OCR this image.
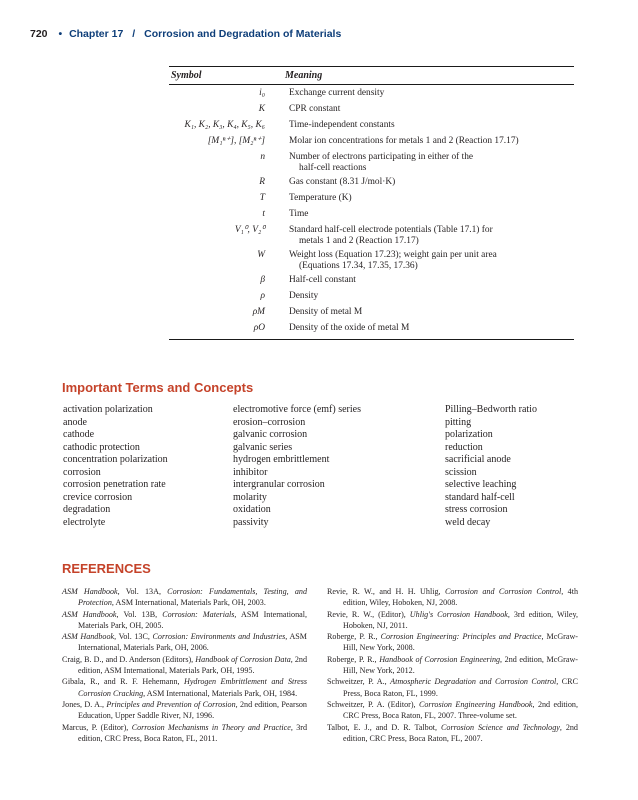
720 • Chapter 17 / Corrosion and Degradation of Materials
Symbol	Meaning
i₀	Exchange current density
K	CPR constant
K₁, K₂, K₃, K₄, K₅, K₆	Time-independent constants
[M₁ⁿ⁺], [M₂ⁿ⁺]	Molar ion concentrations for metals 1 and 2 (Reaction 17.17)
n	Number of electrons participating in either of the
half-cell reactions
R	Gas constant (8.31 J/mol·K)
T	Temperature (K)
t	Time
V₁⁰, V₂⁰	Standard half-cell electrode potentials (Table 17.1) for
metals 1 and 2 (Reaction 17.17)
W	Weight loss (Equation 17.23); weight gain per unit area
(Equations 17.34, 17.35, 17.36)
β	Half-cell constant
ρ	Density
ρM	Density of metal M
ρO	Density of the oxide of metal M
Important Terms and Concepts
activation polarization
anode
cathode
cathodic protection
concentration polarization
corrosion
corrosion penetration rate
crevice corrosion
degradation
electrolyte
electromotive force (emf) series
erosion–corrosion
galvanic corrosion
galvanic series
hydrogen embrittlement
inhibitor
intergranular corrosion
molarity
oxidation
passivity
Pilling–Bedworth ratio
pitting
polarization
reduction
sacrificial anode
scission
selective leaching
standard half-cell
stress corrosion
weld decay
REFERENCES
ASM Handbook, Vol. 13A, Corrosion: Fundamentals, Testing, and Protection, ASM International, Materials Park, OH, 2003.
ASM Handbook, Vol. 13B, Corrosion: Materials, ASM International, Materials Park, OH, 2005.
ASM Handbook, Vol. 13C, Corrosion: Environments and Industries, ASM International, Materials Park, OH, 2006.
Craig, B. D., and D. Anderson (Editors), Handbook of Corrosion Data, 2nd edition, ASM International, Materials Park, OH, 1995.
Gibala, R., and R. F. Hehemann, Hydrogen Embrittlement and Stress Corrosion Cracking, ASM International, Materials Park, OH, 1984.
Jones, D. A., Principles and Prevention of Corrosion, 2nd edition, Pearson Education, Upper Saddle River, NJ, 1996.
Marcus, P. (Editor), Corrosion Mechanisms in Theory and Practice, 3rd edition, CRC Press, Boca Raton, FL, 2011.
Revie, R. W., and H. H. Uhlig, Corrosion and Corrosion Control, 4th edition, Wiley, Hoboken, NJ, 2008.
Revie, R. W., (Editor), Uhlig's Corrosion Handbook, 3rd edition, Wiley, Hoboken, NJ, 2011.
Roberge, P. R., Corrosion Engineering: Principles and Practice, McGraw-Hill, New York, 2008.
Roberge, P. R., Handbook of Corrosion Engineering, 2nd edition, McGraw-Hill, New York, 2012.
Schweitzer, P. A., Atmospheric Degradation and Corrosion Control, CRC Press, Boca Raton, FL, 1999.
Schweitzer, P. A. (Editor), Corrosion Engineering Handbook, 2nd edition, CRC Press, Boca Raton, FL, 2007. Three-volume set.
Talbot, E. J., and D. R. Talbot, Corrosion Science and Technology, 2nd edition, CRC Press, Boca Raton, FL, 2007.
